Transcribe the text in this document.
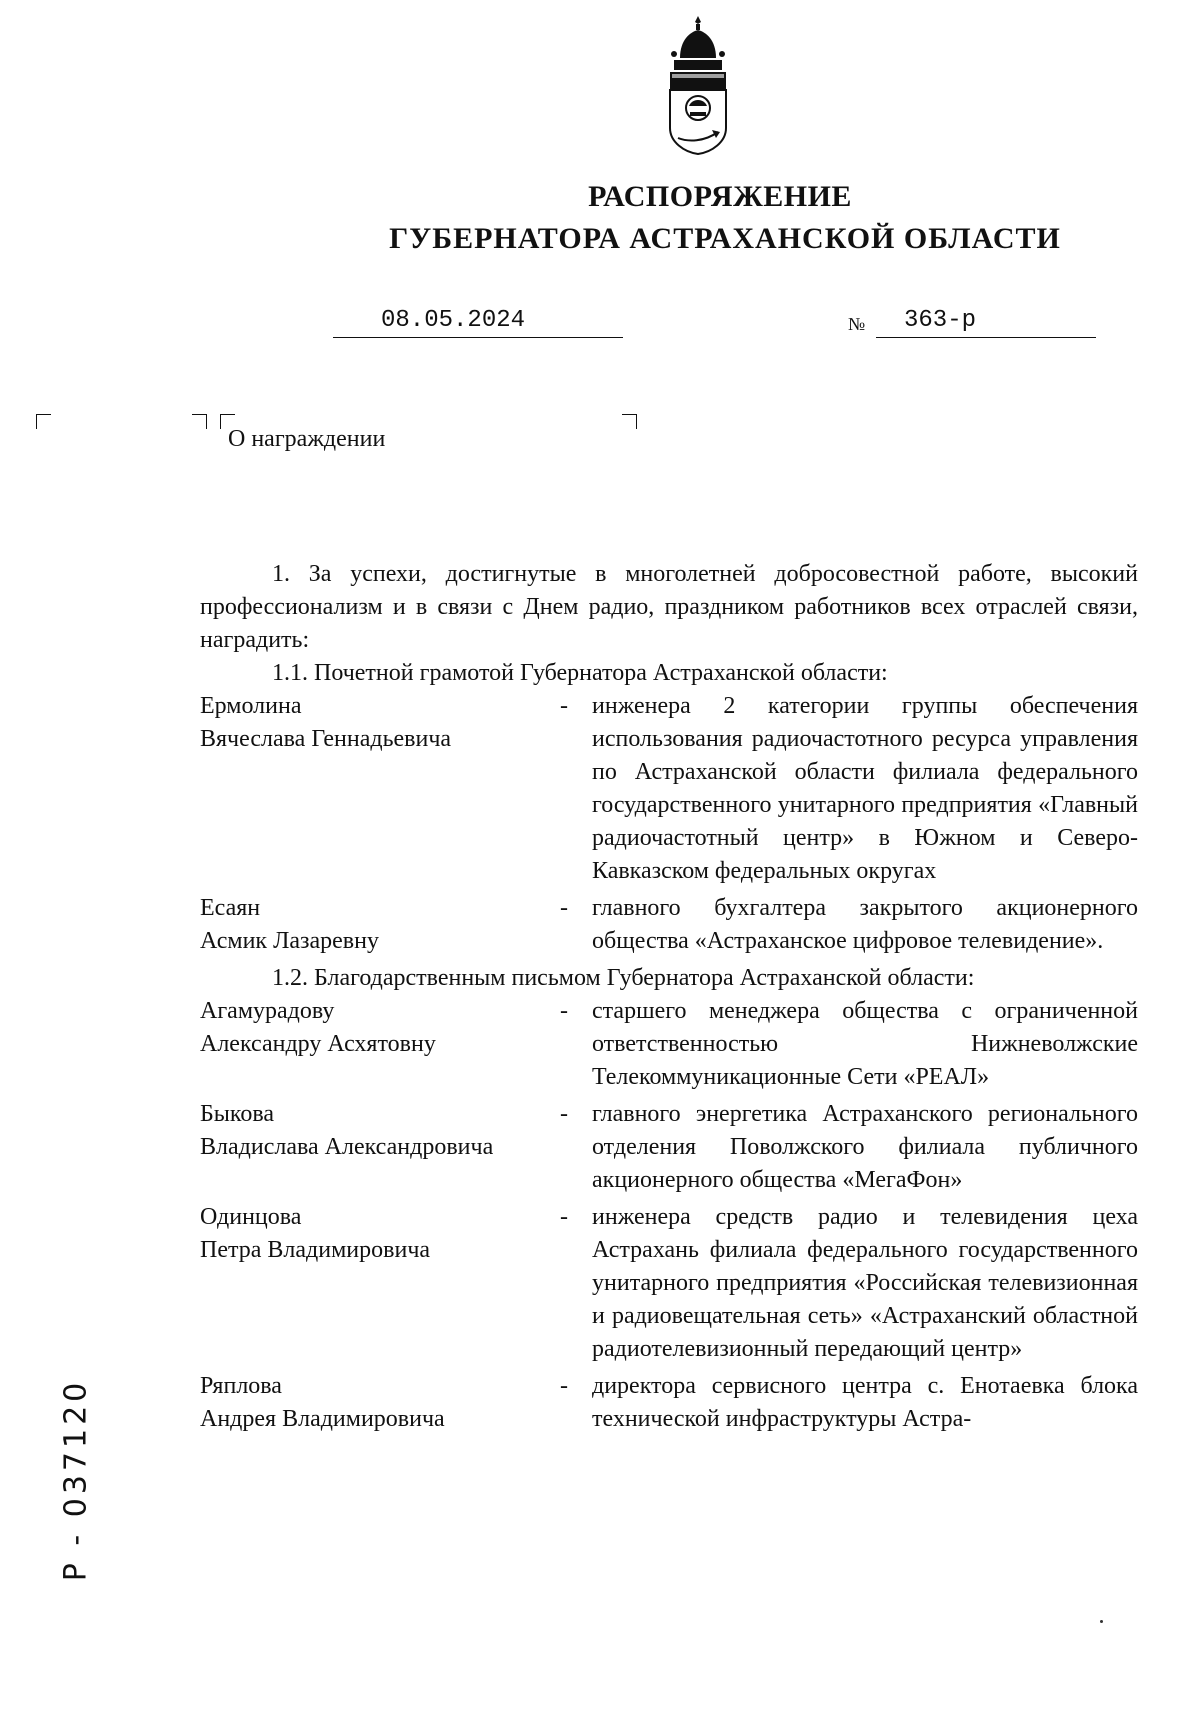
РАСПОРЯЖЕНИЕ
ГУБЕРНАТОРА АСТРАХАНСКОЙ ОБЛАСТИ
08.05.2024	№	363-р
О награждении

1. За успехи, достигнутые в многолетней добросовестной работе, высокий профессионализм и в связи с Днем радио, праздником работников всех отраслей связи, наградить:

1.1. Почетной грамотой Губернатора Астраханской области:

Ермолина
Вячеслава Геннадьевича
-	инженера 2 категории группы обеспечения использования радиочастотного ресурса управления по Астраханской области филиала федерального государственного унитарного предприятия «Главный радиочастотный центр» в Южном и Северо-Кавказском федеральных округах
Есаян
Асмик Лазаревну
-	главного бухгалтера закрытого акционерного общества «Астраханское цифровое телевидение».

1.2. Благодарственным письмом Губернатора Астраханской области:

Агамурадову
Александру Асхятовну
-	старшего менеджера общества с ограниченной ответственностью Нижневолжские Телекоммуникационные Сети «РЕАЛ»
Быкова
Владислава Александровича
-	главного энергетика Астраханского регионального отделения Поволжского филиала публичного акционерного общества «МегаФон»
Одинцова
Петра Владимировича
-	инженера средств радио и телевидения цеха Астрахань филиала федерального государственного унитарного предприятия «Российская телевизионная и радиовещательная сеть» «Астраханский областной радиотелевизионный передающий центр»
Ряплова
Андрея Владимировича
-	директора сервисного центра с. Енотаевка блока технической инфраструктуры Астра-
Р - 037120
